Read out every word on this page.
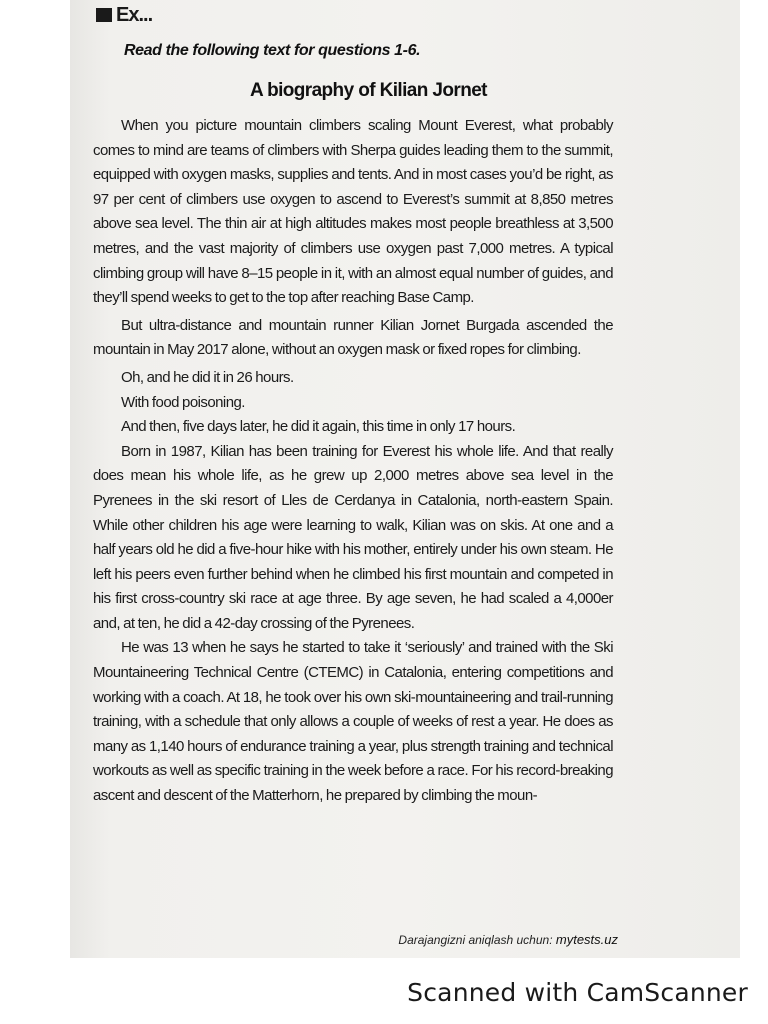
Ex...
Read the following text for questions 1-6.
A biography of Kilian Jornet

When you picture mountain climbers scaling Mount Everest, what probably comes to mind are teams of climbers with Sherpa guides leading them to the summit, equipped with oxygen masks, supplies and tents. And in most cases you’d be right, as 97 per cent of climbers use oxygen to ascend to Everest’s summit at 8,850 metres above sea level. The thin air at high altitudes makes most people breathless at 3,500 metres, and the vast majority of climbers use oxygen past 7,000 metres. A typical climbing group will have 8–15 people in it, with an almost equal number of guides, and they’ll spend weeks to get to the top after reaching Base Camp.

But ultra-distance and mountain runner Kilian Jornet Burgada ascended the mountain in May 2017 alone, without an oxygen mask or fixed ropes for climbing.

Oh, and he did it in 26 hours.

With food poisoning.

And then, five days later, he did it again, this time in only 17 hours.

Born in 1987, Kilian has been training for Everest his whole life. And that really does mean his whole life, as he grew up 2,000 metres above sea level in the Pyrenees in the ski resort of Lles de Cerdanya in Catalonia, north-eastern Spain. While other children his age were learning to walk, Kilian was on skis. At one and a half years old he did a five-hour hike with his mother, entirely under his own steam. He left his peers even further behind when he climbed his first mountain and competed in his first cross-country ski race at age three. By age seven, he had scaled a 4,000er and, at ten, he did a 42-day crossing of the Pyrenees.

He was 13 when he says he started to take it ‘seriously’ and trained with the Ski Mountaineering Technical Centre (CTEMC) in Catalonia, entering competitions and working with a coach. At 18, he took over his own ski-mountaineering and trail-running training, with a schedule that only allows a couple of weeks of rest a year. He does as many as 1,140 hours of endurance training a year, plus strength training and technical workouts as well as specific training in the week before a race. For his record-breaking ascent and descent of the Matterhorn, he prepared by climbing the moun-

Darajangizni aniqlash uchun: mytests.uz
Scanned with CamScanner
